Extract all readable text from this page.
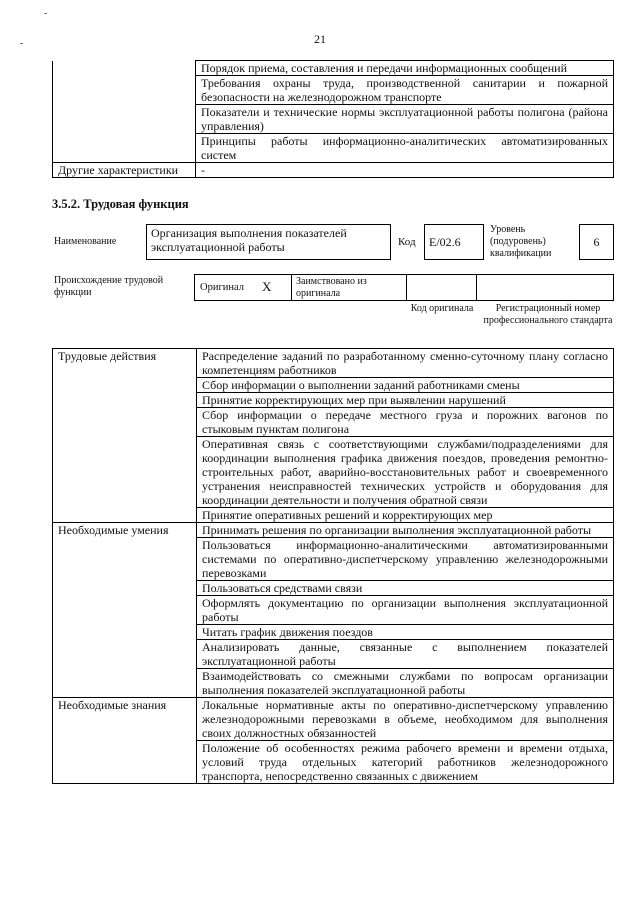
21
-
-
	Порядок приема, составления и передачи информационных сообщений
	Требования охраны труда, производственной санитарии и пожарной безопасности на железнодорожном транспорте
	Показатели и технические нормы эксплуатационной работы полигона (района управления)
	Принципы работы информационно-аналитических автоматизированных систем
Другие характеристики	-
3.5.2. Трудовая функция
Наименование
Организация выполнения показателей эксплуатационной работы	Код	E/02.6
Уровень (подуровень) квалификации
6
Происхождение трудовой функции	Оригинал X Заимствовано из оригинала
Код оригинала	Регистрационный номер профессионального стандарта
Трудовые действия	Распределение заданий по разработанному сменно-суточному плану согласно компетенциям работников
	Сбор информации о выполнении заданий работниками смены
	Принятие корректирующих мер при выявлении нарушений
	Сбор информации о передаче местного груза и порожних вагонов по стыковым пунктам полигона
	Оперативная связь с соответствующими службами/подразделениями для координации выполнения графика движения поездов, проведения ремонтно-строительных работ, аварийно-восстановительных работ и своевременного устранения неисправностей технических устройств и оборудования для координации деятельности и получения обратной связи
	Принятие оперативных решений и корректирующих мер
Необходимые умения	Принимать решения по организации выполнения эксплуатационной работы
	Пользоваться информационно-аналитическими автоматизированными системами по оперативно-диспетчерскому управлению железнодорожными перевозками
	Пользоваться средствами связи
	Оформлять документацию по организации выполнения эксплуатационной работы
	Читать график движения поездов
	Анализировать данные, связанные с выполнением показателей эксплуатационной работы
	Взаимодействовать со смежными службами по вопросам организации выполнения показателей эксплуатационной работы
Необходимые знания	Локальные нормативные акты по оперативно-диспетчерскому управлению железнодорожными перевозками в объеме, необходимом для выполнения своих должностных обязанностей
	Положение об особенностях режима рабочего времени и времени отдыха, условий труда отдельных категорий работников железнодорожного транспорта, непосредственно связанных с движением
